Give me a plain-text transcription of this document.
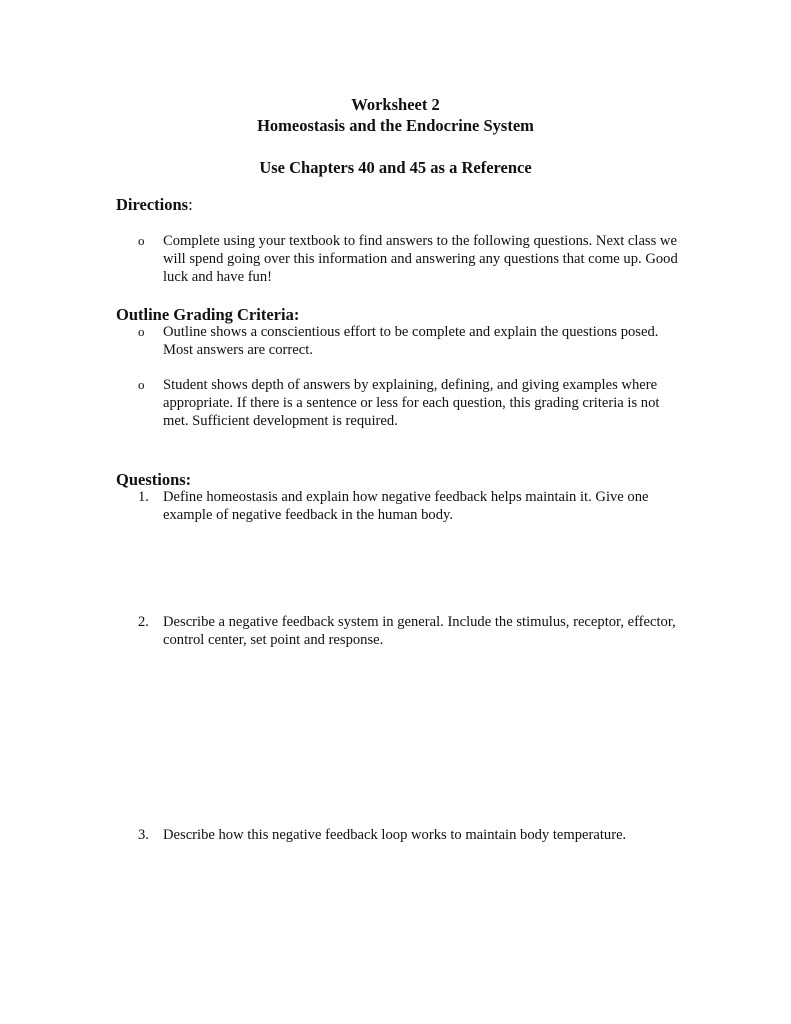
Worksheet 2
Homeostasis and the Endocrine System
Use Chapters 40 and 45 as a Reference
Directions:
o Complete using your textbook to find answers to the following questions. Next class we will spend going over this information and answering any questions that come up. Good luck and have fun!
Outline Grading Criteria:
o Outline shows a conscientious effort to be complete and explain the questions posed. Most answers are correct.
o Student shows depth of answers by explaining, defining, and giving examples where appropriate. If there is a sentence or less for each question, this grading criteria is not met. Sufficient development is required.
Questions:
1. Define homeostasis and explain how negative feedback helps maintain it. Give one example of negative feedback in the human body.
2. Describe a negative feedback system in general. Include the stimulus, receptor, effector, control center, set point and response.
3. Describe how this negative feedback loop works to maintain body temperature.
